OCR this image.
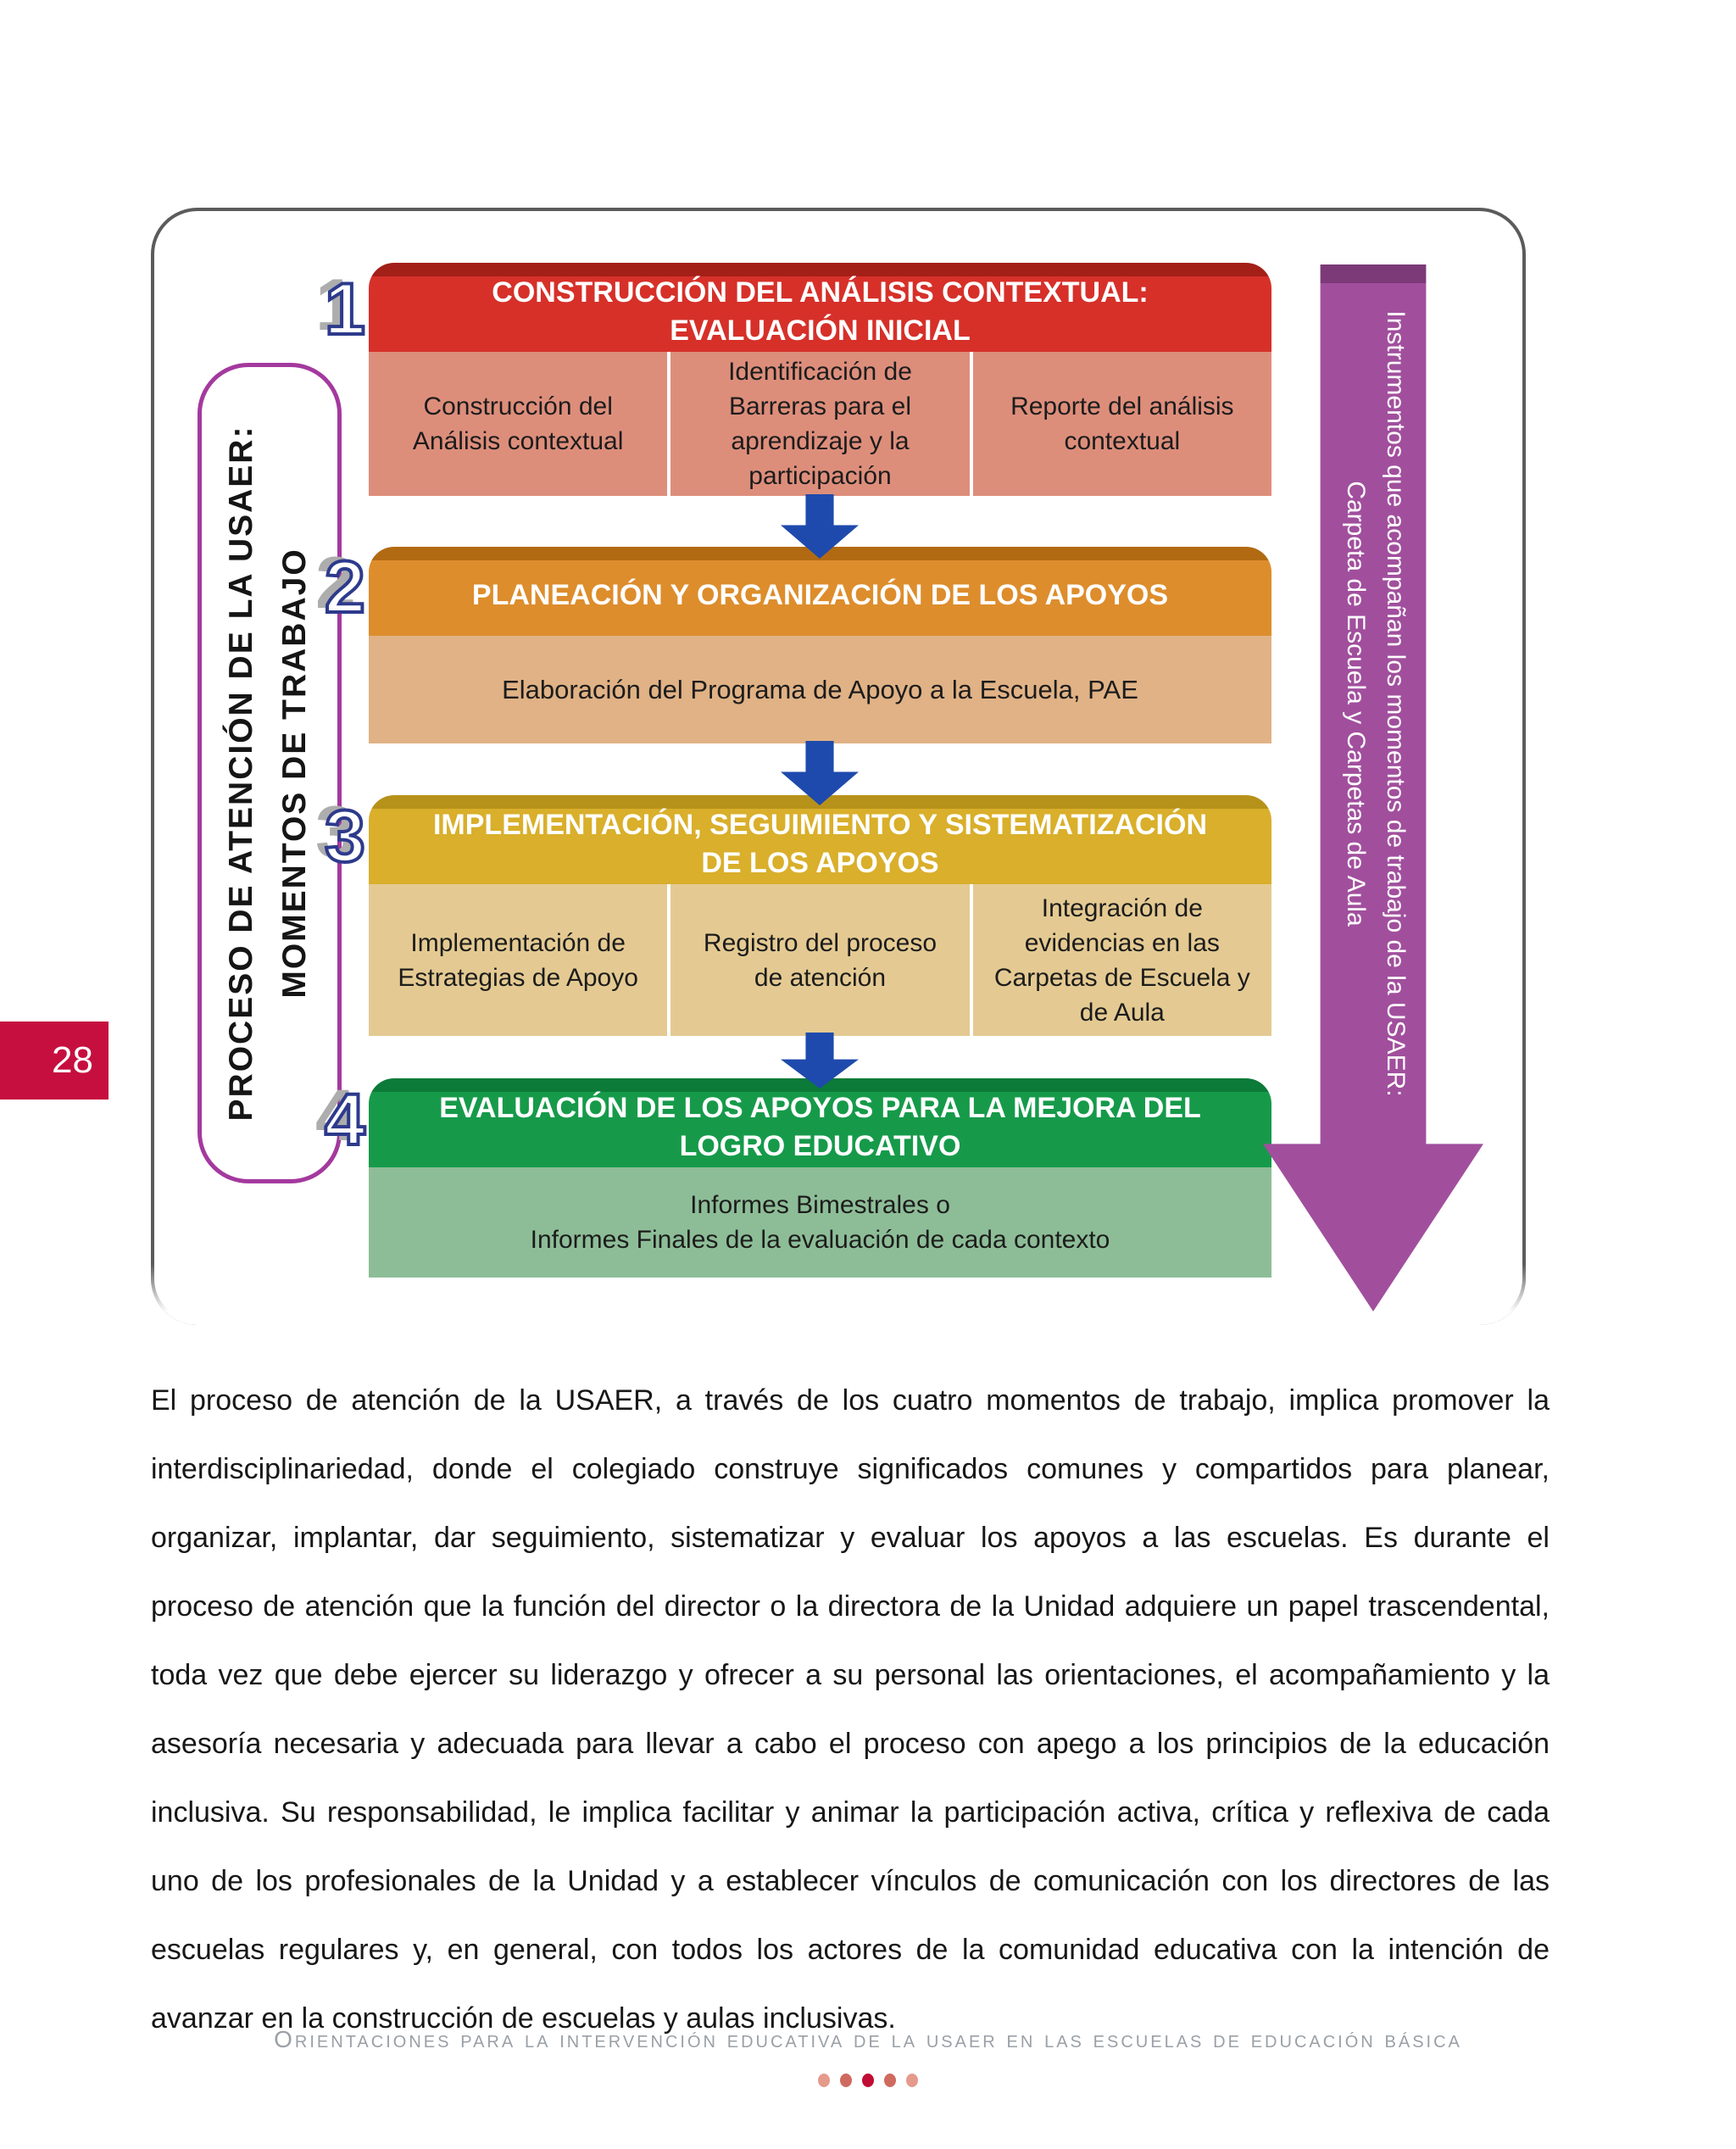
28	PROCESO DE ATENCIÓN DE LA USAER: MOMENTOS DE TRABAJO
1	CONSTRUCCIÓN DEL ANÁLISIS CONTEXTUAL:
EVALUACIÓN INICIAL
Construcción del Análisis contextual
Identificación de Barreras para el aprendizaje y la participación
Reporte del análisis contextual
2	PLANEACIÓN Y ORGANIZACIÓN DE LOS APOYOS
Elaboración del Programa de Apoyo a la Escuela, PAE
3	IMPLEMENTACIÓN, SEGUIMIENTO Y SISTEMATIZACIÓN
DE LOS APOYOS
Implementación de Estrategias de Apoyo
Registro del proceso de atención
Integración de evidencias en las Carpetas de Escuela y de Aula
4	EVALUACIÓN DE LOS APOYOS PARA LA MEJORA DEL
LOGRO EDUCATIVO
Informes Bimestrales o
Informes Finales de la evaluación de cada contexto
Instrumentos que acompañan los momentos de trabajo de la USAER:
Carpeta de Escuela y Carpetas de Aula
El proceso de atención de la USAER, a través de los cuatro momentos de trabajo, implica promover la interdisciplinariedad, donde el colegiado construye significados comunes y compartidos para planear, organizar, implantar, dar seguimiento, sistematizar y evaluar los apoyos a las escuelas. Es durante el proceso de atención que la función del director o la directora de la Unidad adquiere un papel trascendental, toda vez que debe ejercer su liderazgo y ofrecer a su personal las orientaciones, el acompañamiento y la asesoría necesaria y adecuada para llevar a cabo el proceso con apego a los principios de la educación inclusiva. Su responsabilidad, le implica facilitar y animar la participación activa, crítica y reflexiva de cada uno de los profesionales de la Unidad y a establecer vínculos de comunicación con los directores de las escuelas regulares y, en general, con todos los actores de la comunidad educativa con la intención de avanzar en la construcción de escuelas y aulas inclusivas.
Orientaciones para la intervención educativa de la usaer en las escuelas de educación básica
